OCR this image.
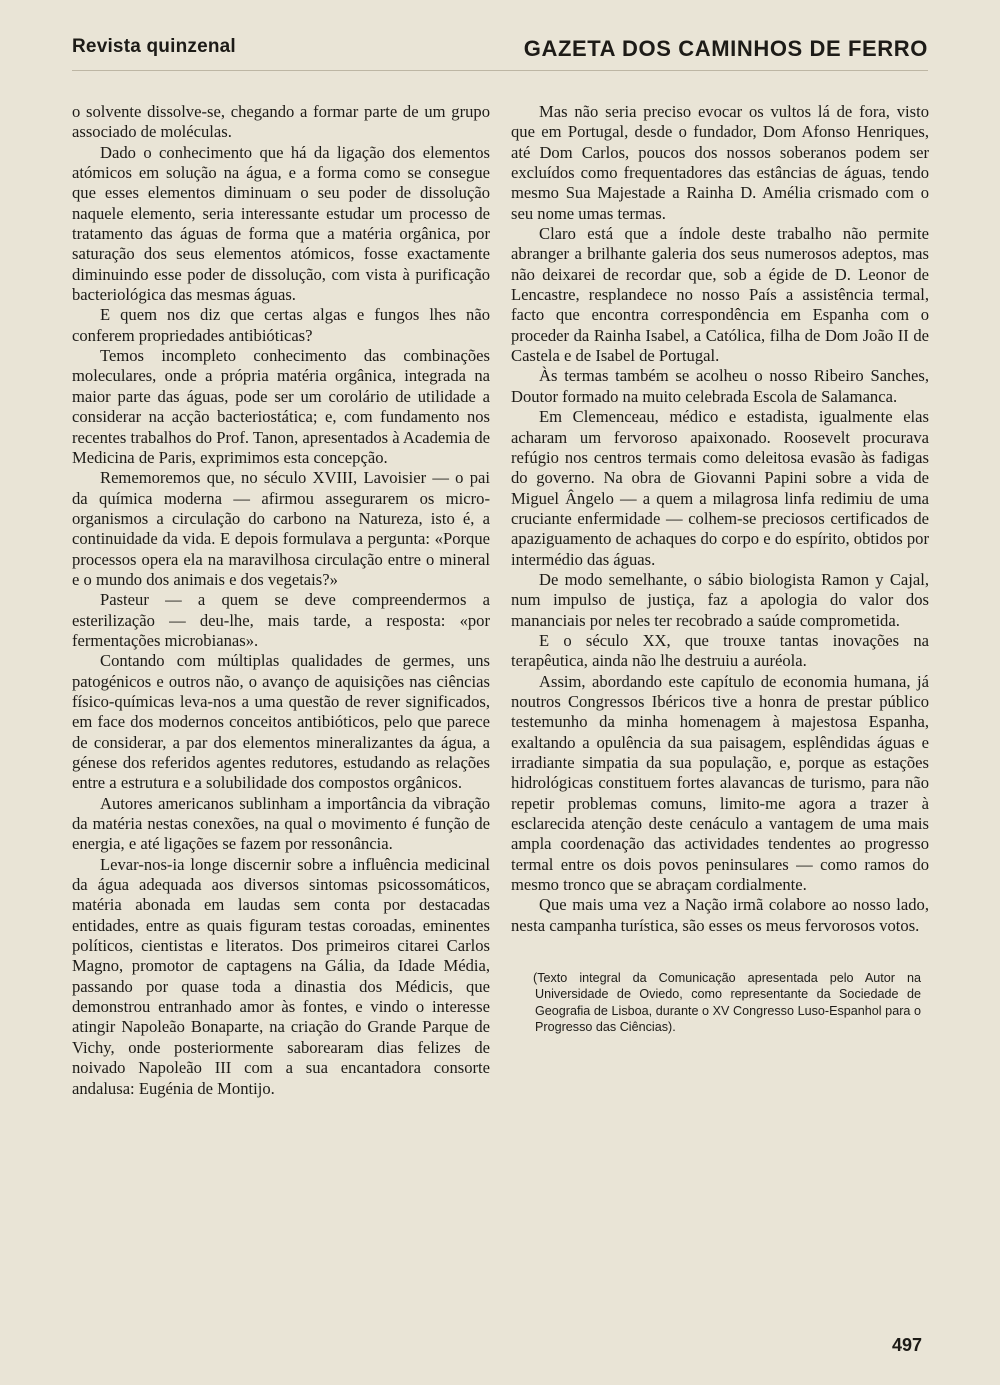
Revista quinzenal	GAZETA DOS CAMINHOS DE FERRO

o solvente dissolve-se, chegando a formar parte de um grupo associado de moléculas.

Dado o conhecimento que há da ligação dos elementos atómicos em solução na água, e a forma como se consegue que esses elementos diminuam o seu poder de dissolução naquele elemento, seria interessante estudar um processo de tratamento das águas de forma que a matéria orgânica, por saturação dos seus elementos atómicos, fosse exactamente diminuindo esse poder de dissolução, com vista à purificação bacteriológica das mesmas águas.

E quem nos diz que certas algas e fungos lhes não conferem propriedades antibióticas?

Temos incompleto conhecimento das combinações moleculares, onde a própria matéria orgânica, integrada na maior parte das águas, pode ser um corolário de utilidade a considerar na acção bacteriostática; e, com fundamento nos recentes trabalhos do Prof. Tanon, apresentados à Academia de Medicina de Paris, exprimimos esta concepção.

Rememoremos que, no século XVIII, Lavoisier — o pai da química moderna — afirmou assegurarem os micro-organismos a circulação do carbono na Natureza, isto é, a continuidade da vida. E depois formulava a pergunta: «Porque processos opera ela na maravilhosa circulação entre o mineral e o mundo dos animais e dos vegetais?»

Pasteur — a quem se deve compreendermos a esterilização — deu-lhe, mais tarde, a resposta: «por fermentações microbianas».

Contando com múltiplas qualidades de germes, uns patogénicos e outros não, o avanço de aquisições nas ciências físico-químicas leva-nos a uma questão de rever significados, em face dos modernos conceitos antibióticos, pelo que parece de considerar, a par dos elementos mineralizantes da água, a génese dos referidos agentes redutores, estudando as relações entre a estrutura e a solubilidade dos compostos orgânicos.

Autores americanos sublinham a importância da vibração da matéria nestas conexões, na qual o movimento é função de energia, e até ligações se fazem por ressonância.

Levar-nos-ia longe discernir sobre a influência medicinal da água adequada aos diversos sintomas psicossomáticos, matéria abonada em laudas sem conta por destacadas entidades, entre as quais figuram testas coroadas, eminentes políticos, cientistas e literatos. Dos primeiros citarei Carlos Magno, promotor de captagens na Gália, da Idade Média, passando por quase toda a dinastia dos Médicis, que demonstrou entranhado amor às fontes, e vindo o interesse atingir Napoleão Bonaparte, na criação do Grande Parque de Vichy, onde posteriormente saborearam dias felizes de noivado Napoleão III com a sua encantadora consorte andalusa: Eugénia de Montijo.

Mas não seria preciso evocar os vultos lá de fora, visto que em Portugal, desde o fundador, Dom Afonso Henriques, até Dom Carlos, poucos dos nossos soberanos podem ser excluídos como frequentadores das estâncias de águas, tendo mesmo Sua Majestade a Rainha D. Amélia crismado com o seu nome umas termas.

Claro está que a índole deste trabalho não permite abranger a brilhante galeria dos seus numerosos adeptos, mas não deixarei de recordar que, sob a égide de D. Leonor de Lencastre, resplandece no nosso País a assistência termal, facto que encontra correspondência em Espanha com o proceder da Rainha Isabel, a Católica, filha de Dom João II de Castela e de Isabel de Portugal.

Às termas também se acolheu o nosso Ribeiro Sanches, Doutor formado na muito celebrada Escola de Salamanca.

Em Clemenceau, médico e estadista, igualmente elas acharam um fervoroso apaixonado. Roosevelt procurava refúgio nos centros termais como deleitosa evasão às fadigas do governo. Na obra de Giovanni Papini sobre a vida de Miguel Ângelo — a quem a milagrosa linfa redimiu de uma cruciante enfermidade — colhem-se preciosos certificados de apaziguamento de achaques do corpo e do espírito, obtidos por intermédio das águas.

De modo semelhante, o sábio biologista Ramon y Cajal, num impulso de justiça, faz a apologia do valor dos mananciais por neles ter recobrado a saúde comprometida.

E o século XX, que trouxe tantas inovações na terapêutica, ainda não lhe destruiu a auréola.

Assim, abordando este capítulo de economia humana, já noutros Congressos Ibéricos tive a honra de prestar público testemunho da minha homenagem à majestosa Espanha, exaltando a opulência da sua paisagem, esplêndidas águas e irradiante simpatia da sua população, e, porque as estações hidrológicas constituem fortes alavancas de turismo, para não repetir problemas comuns, limito-me agora a trazer à esclarecida atenção deste cenáculo a vantagem de uma mais ampla coordenação das actividades tendentes ao progresso termal entre os dois povos peninsulares — como ramos do mesmo tronco que se abraçam cordialmente.

Que mais uma vez a Nação irmã colabore ao nosso lado, nesta campanha turística, são esses os meus fervorosos votos.

(Texto integral da Comunicação apresentada pelo Autor na Universidade de Oviedo, como representante da Sociedade de Geografia de Lisboa, durante o XV Congresso Luso-Espanhol para o Progresso das Ciências).
497
